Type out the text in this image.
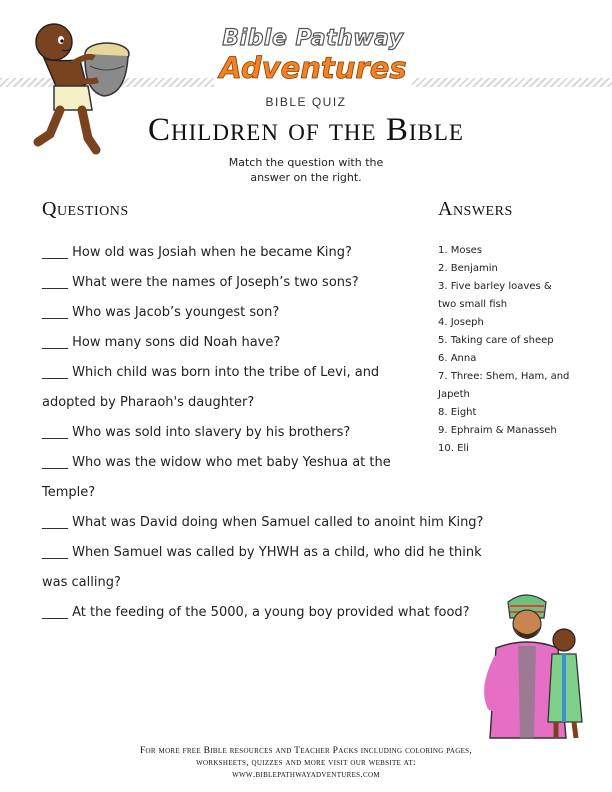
Bible Pathway
Adventures
BIBLE QUIZ
Children of the Bible
Match the question with the
answer on the right.
Questions	Answers
____ How old was Josiah when he became King?
____ What were the names of Joseph’s two sons?
____ Who was Jacob’s youngest son?
____ How many sons did Noah have?
____ Which child was born into the tribe of Levi, and
adopted by Pharaoh's daughter?
____ Who was sold into slavery by his brothers?
____ Who was the widow who met baby Yeshua at the
Temple?
____ What was David doing when Samuel called to anoint him King?
____ When Samuel was called by YHWH as a child, who did he think
was calling?
____ At the feeding of the 5000, a young boy provided what food?
1. Moses
2. Benjamin
3. Five barley loaves &
two small fish
4. Joseph
5. Taking care of sheep
6. Anna
7. Three: Shem, Ham, and
Japeth
8. Eight
9. Ephraim & Manasseh
10. Eli
For more free Bible resources and Teacher Packs including coloring pages,
worksheets, quizzes and more visit our website at:
www.biblepathwayadventures.com
